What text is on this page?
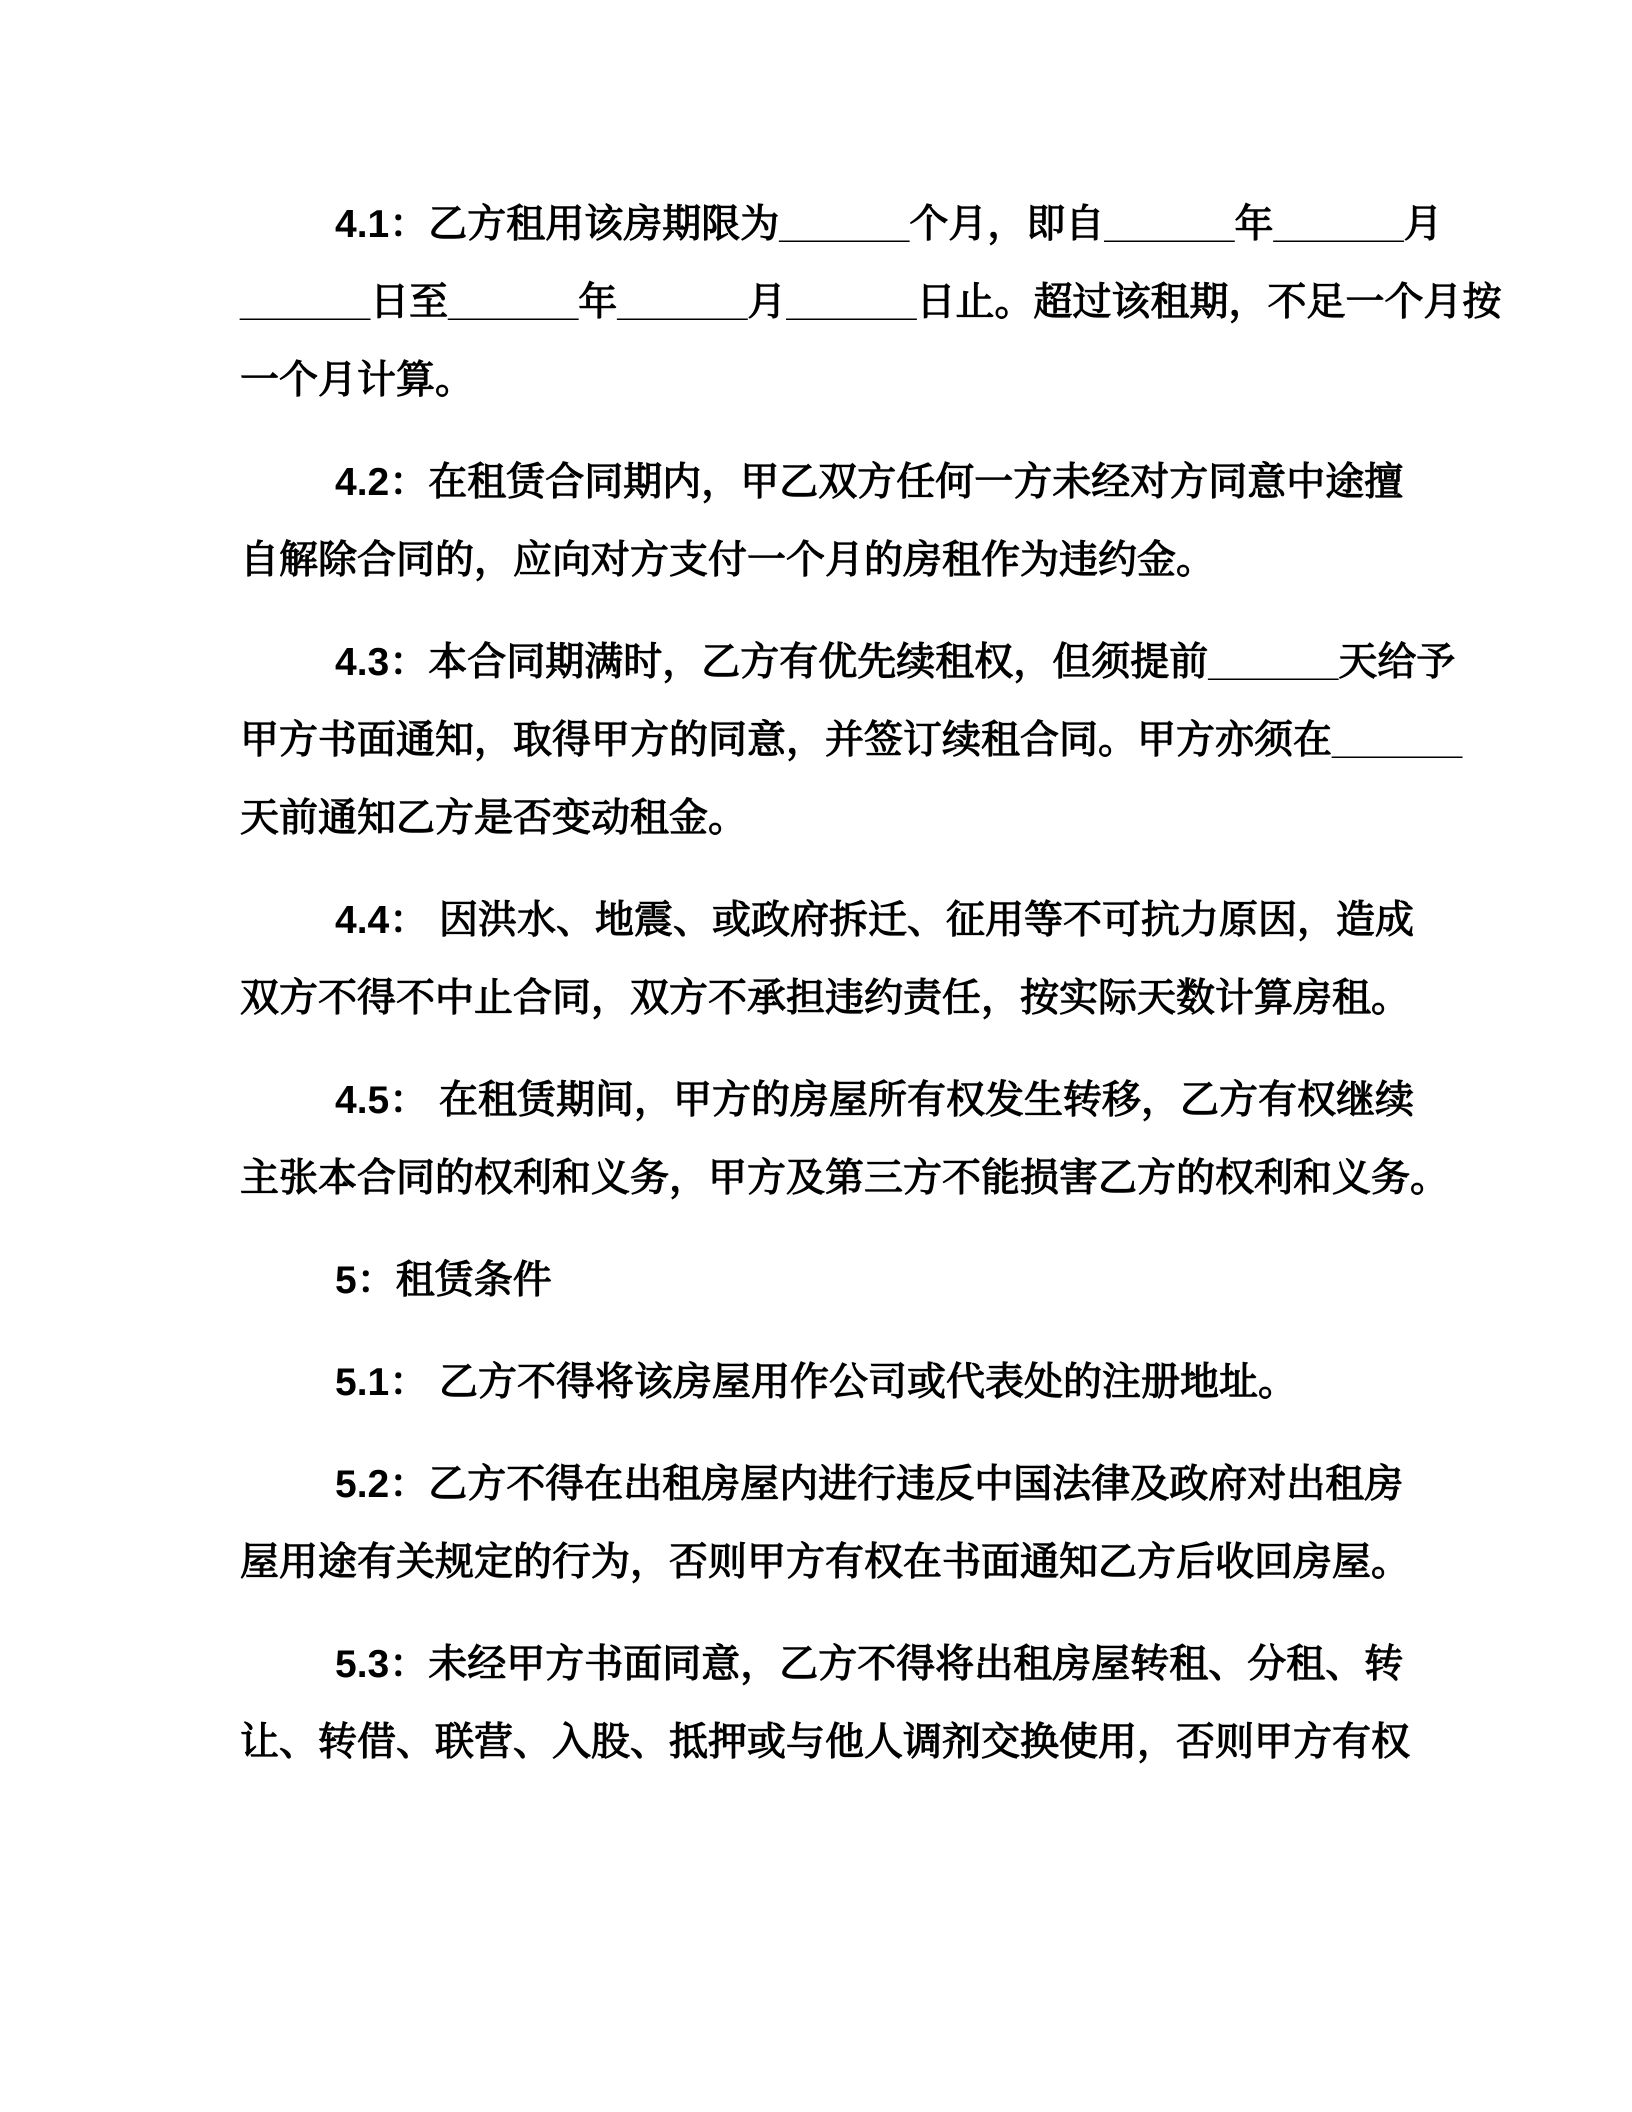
4.1：乙方租用该房期限为______个月，即自______年______月
______日至______年______月______日止。超过该租期，不足一个月按
一个月计算。

4.2：在租赁合同期内，甲乙双方任何一方未经对方同意中途擅
自解除合同的，应向对方支付一个月的房租作为违约金。

4.3：本合同期满时，乙方有优先续租权，但须提前______天给予
甲方书面通知，取得甲方的同意，并签订续租合同。甲方亦须在______
天前通知乙方是否变动租金。

4.4： 因洪水、地震、或政府拆迁、征用等不可抗力原因，造成
双方不得不中止合同，双方不承担违约责任，按实际天数计算房租。

4.5： 在租赁期间，甲方的房屋所有权发生转移，乙方有权继续
主张本合同的权利和义务，甲方及第三方不能损害乙方的权利和义务。

5：租赁条件

5.1： 乙方不得将该房屋用作公司或代表处的注册地址。

5.2：乙方不得在出租房屋内进行违反中国法律及政府对出租房
屋用途有关规定的行为，否则甲方有权在书面通知乙方后收回房屋。

5.3：未经甲方书面同意，乙方不得将出租房屋转租、分租、转
让、转借、联营、入股、抵押或与他人调剂交换使用，否则甲方有权
